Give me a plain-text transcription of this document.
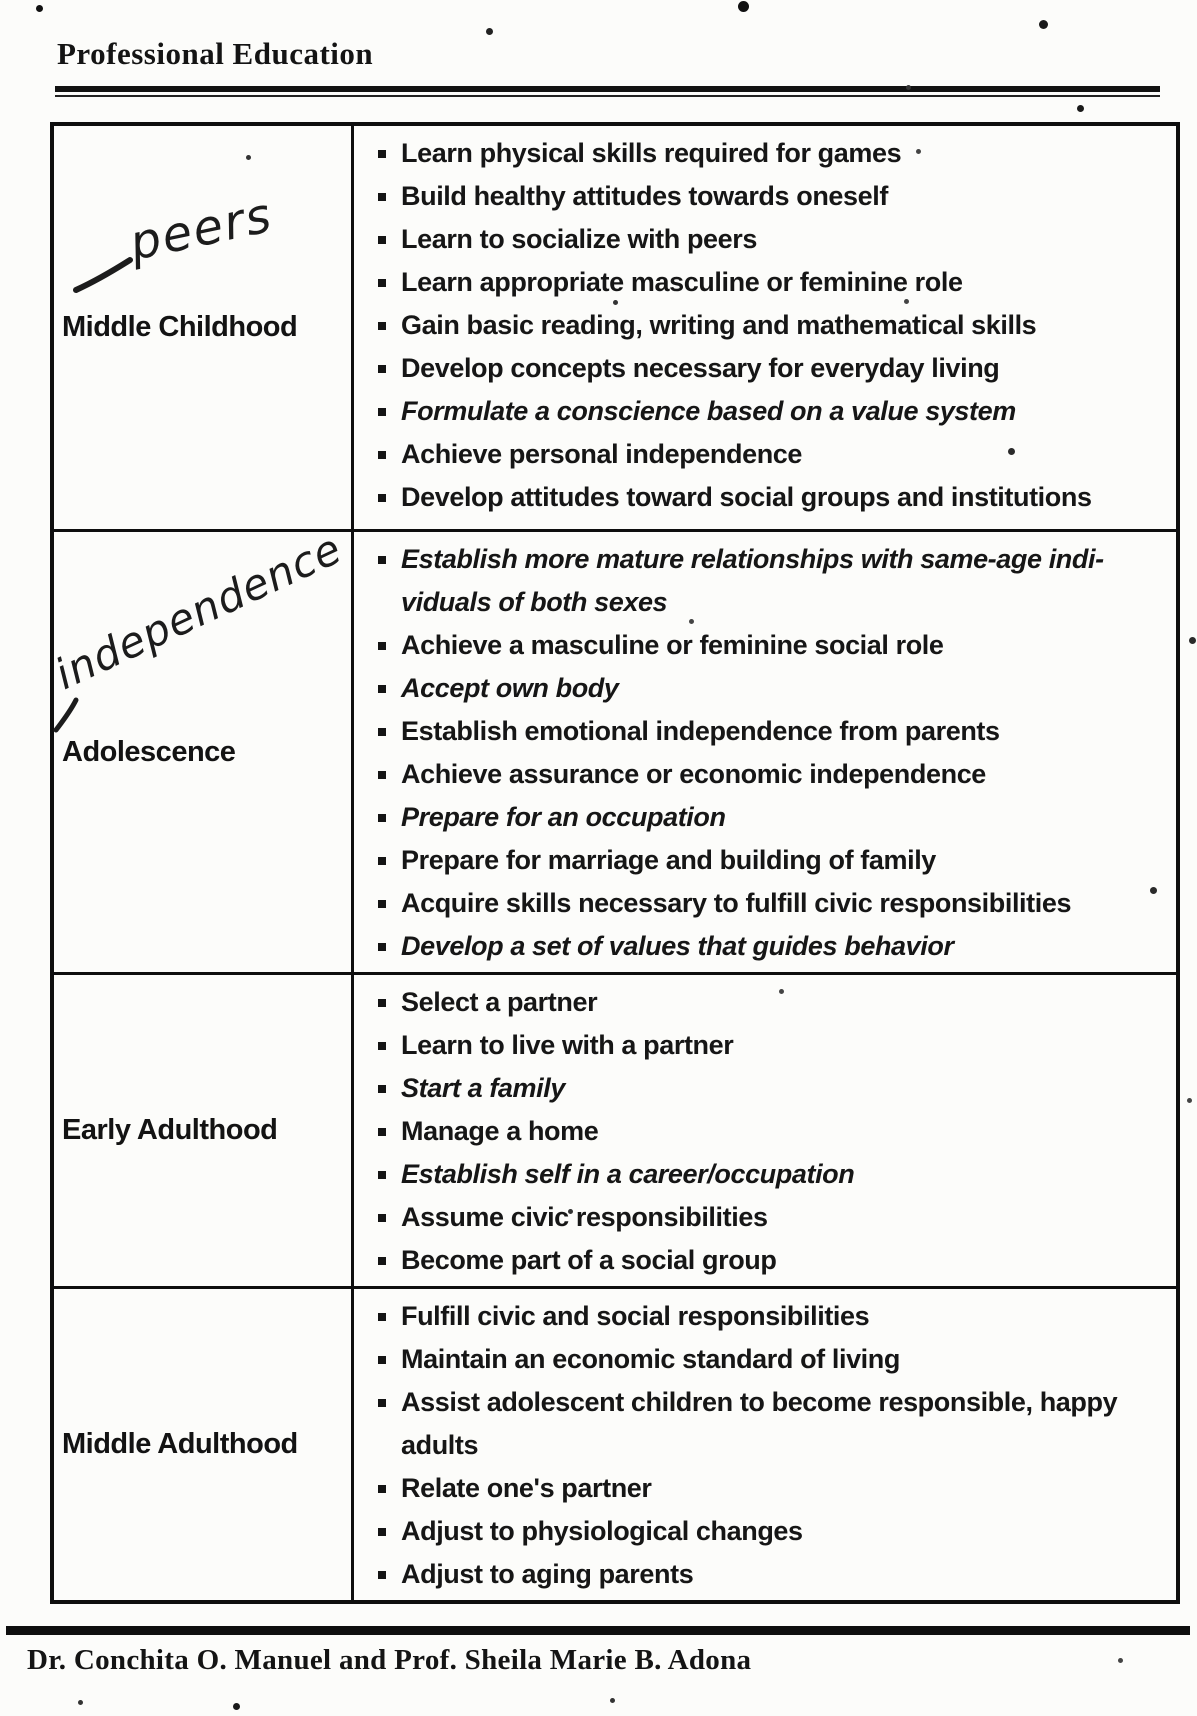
Professional Education
Middle Childhood
Learn physical skills required for games
Build healthy attitudes towards oneself
Learn to socialize with peers
Learn appropriate masculine or feminine role
Gain basic reading, writing and mathematical skills
Develop concepts necessary for everyday living
Formulate a conscience based on a value system
Achieve personal independence
Develop attitudes toward social groups and institutions
Adolescence
Establish more mature relationships with same-age indi-viduals of both sexes
Achieve a masculine or feminine social role
Accept own body
Establish emotional independence from parents
Achieve assurance or economic independence
Prepare for an occupation
Prepare for marriage and building of family
Acquire skills necessary to fulfill civic responsibilities
Develop a set of values that guides behavior
Early Adulthood
Select a partner
Learn to live with a partner
Start a family
Manage a home
Establish self in a career/occupation
Assume civic responsibilities
Become part of a social group
Middle Adulthood
Fulfill civic and social responsibilities
Maintain an economic standard of living
Assist adolescent children to become responsible, happy adults
Relate one's partner
Adjust to physiological changes
Adjust to aging parents
peers
independence
Dr. Conchita O. Manuel and Prof. Sheila Marie B. Adona
